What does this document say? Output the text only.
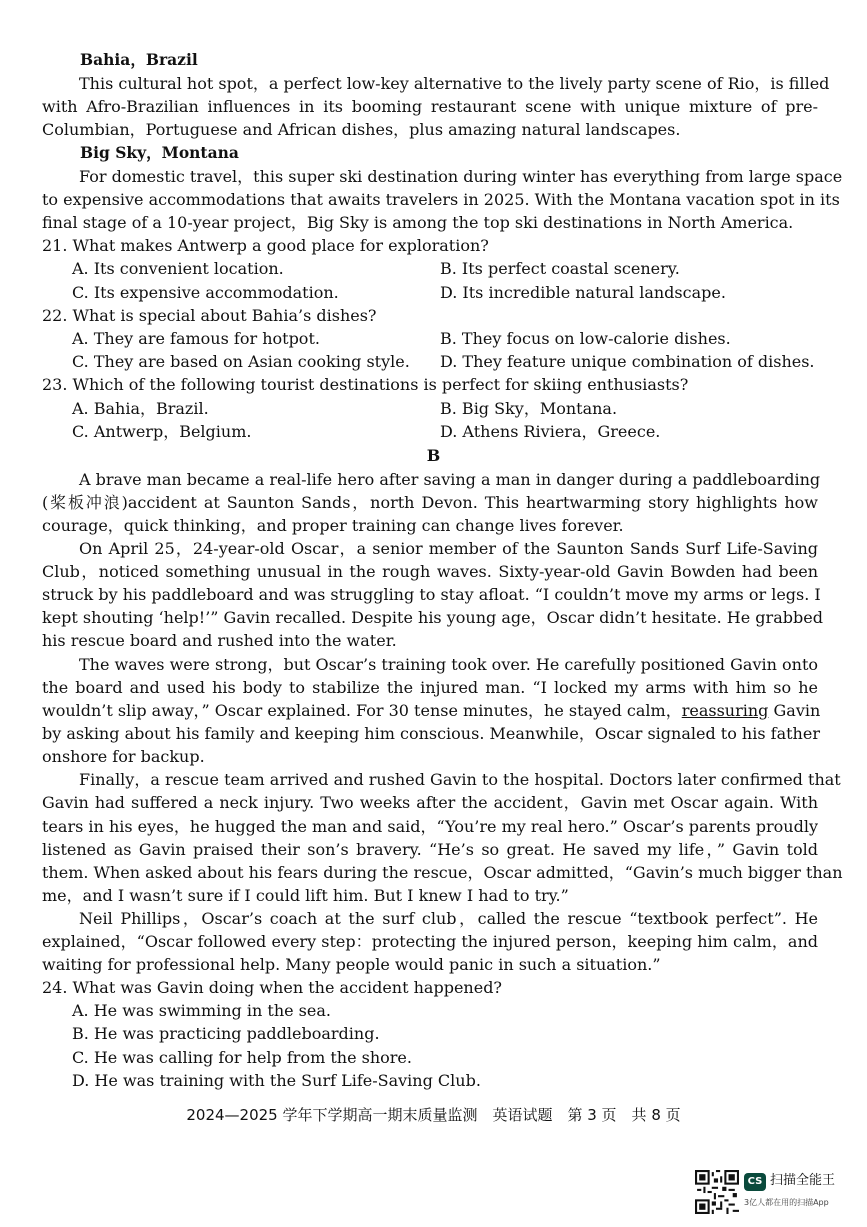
Bahia，Brazil
This cultural hot spot，a perfect low-key alternative to the lively party scene of Rio，is filled
with Afro-Brazilian influences in its booming restaurant scene with unique mixture of pre-
Columbian，Portuguese and African dishes，plus amazing natural landscapes.
Big Sky，Montana
For domestic travel，this super ski destination during winter has everything from large space
to expensive accommodations that awaits travelers in 2025. With the Montana vacation spot in its
final stage of a 10-year project，Big Sky is among the top ski destinations in North America.
21. What makes Antwerp a good place for exploration?
A. Its convenient location.	B. Its perfect coastal scenery.
C. Its expensive accommodation.	D. Its incredible natural landscape.
22. What is special about Bahia’s dishes?
A. They are famous for hotpot.	B. They focus on low-calorie dishes.
C. They are based on Asian cooking style. D. They feature unique combination of dishes.
23. Which of the following tourist destinations is perfect for skiing enthusiasts?
A. Bahia，Brazil.	B. Big Sky，Montana.
C. Antwerp，Belgium.	D. Athens Riviera，Greece.
B
A brave man became a real-life hero after saving a man in danger during a paddleboarding
(桨板冲浪)accident at Saunton Sands，north Devon. This heartwarming story highlights how
courage，quick thinking，and proper training can change lives forever.
On April 25，24-year-old Oscar，a senior member of the Saunton Sands Surf Life-Saving
Club，noticed something unusual in the rough waves. Sixty-year-old Gavin Bowden had been
struck by his paddleboard and was struggling to stay afloat. “I couldn’t move my arms or legs. I
kept shouting ‘help!’” Gavin recalled. Despite his young age，Oscar didn’t hesitate. He grabbed
his rescue board and rushed into the water.
The waves were strong，but Oscar’s training took over. He carefully positioned Gavin onto
the board and used his body to stabilize the injured man. “I locked my arms with him so he
wouldn’t slip away，” Oscar explained. For 30 tense minutes，he stayed calm，reassuring Gavin
by asking about his family and keeping him conscious. Meanwhile，Oscar signaled to his father
onshore for backup.
Finally，a rescue team arrived and rushed Gavin to the hospital. Doctors later confirmed that
Gavin had suffered a neck injury. Two weeks after the accident，Gavin met Oscar again. With
tears in his eyes，he hugged the man and said，“You’re my real hero.” Oscar’s parents proudly
listened as Gavin praised their son’s bravery. “He’s so great. He saved my life，” Gavin told
them. When asked about his fears during the rescue，Oscar admitted，“Gavin’s much bigger than
me，and I wasn’t sure if I could lift him. But I knew I had to try.”
Neil Phillips，Oscar’s coach at the surf club，called the rescue “textbook perfect”. He
explained，“Oscar followed every step：protecting the injured person，keeping him calm，and
waiting for professional help. Many people would panic in such a situation.”
24. What was Gavin doing when the accident happened?
A. He was swimming in the sea.
B. He was practicing paddleboarding.
C. He was calling for help from the shore.
D. He was training with the Surf Life-Saving Club.
2024—2025 学年下学期高一期末质量监测　英语试题　第 3 页　共 8 页
CS 扫描全能王
3亿人都在用的扫描App
